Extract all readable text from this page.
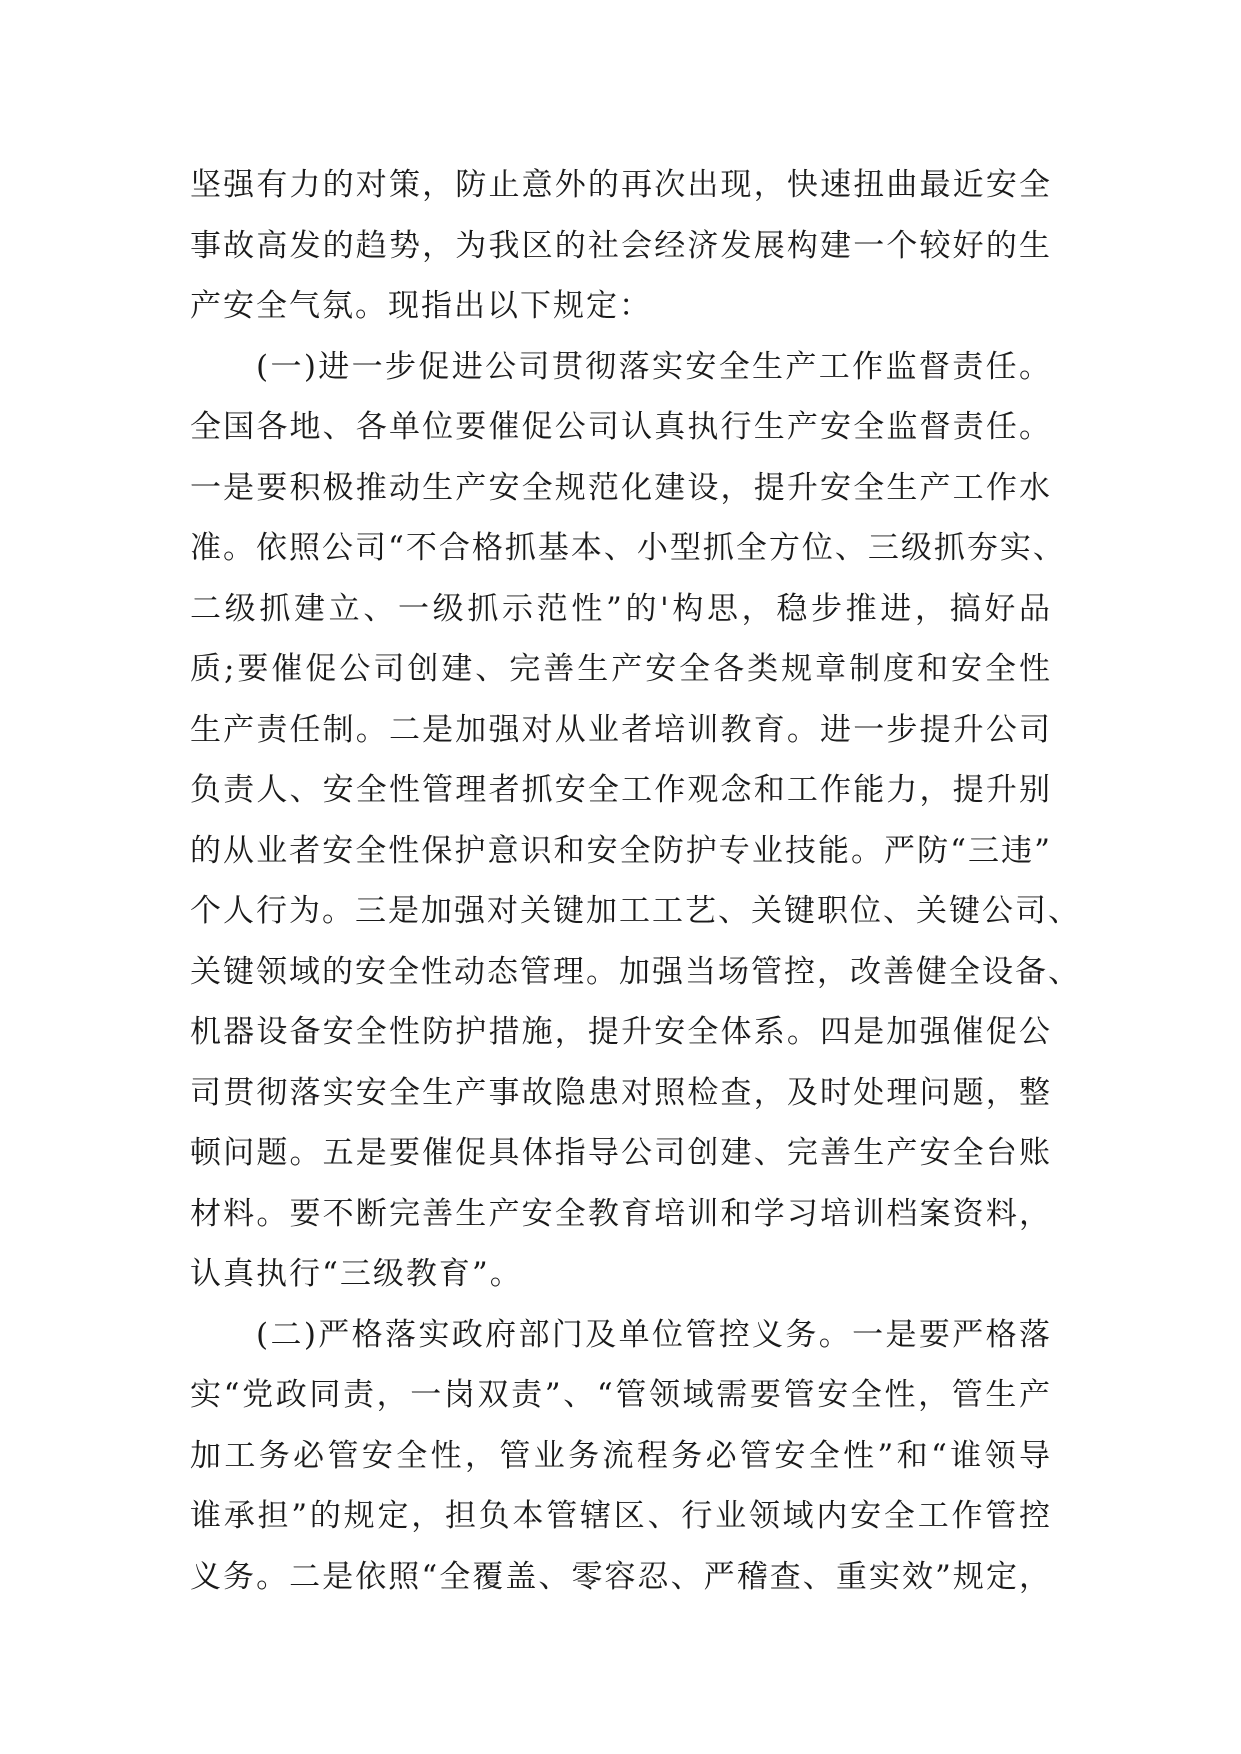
坚强有力的对策，防止意外的再次出现，快速扭曲最近安全
事故高发的趋势，为我区的社会经济发展构建一个较好的生
产安全气氛。现指出以下规定：
(一)进一步促进公司贯彻落实安全生产工作监督责任。
全国各地、各单位要催促公司认真执行生产安全监督责任。
一是要积极推动生产安全规范化建设，提升安全生产工作水
准。依照公司“不合格抓基本、小型抓全方位、三级抓夯实、
二级抓建立、一级抓示范性”的'构思，稳步推进，搞好品
质;要催促公司创建、完善生产安全各类规章制度和安全性
生产责任制。二是加强对从业者培训教育。进一步提升公司
负责人、安全性管理者抓安全工作观念和工作能力，提升别
的从业者安全性保护意识和安全防护专业技能。严防“三违”
个人行为。三是加强对关键加工工艺、关键职位、关键公司、
关键领域的安全性动态管理。加强当场管控，改善健全设备、
机器设备安全性防护措施，提升安全体系。四是加强催促公
司贯彻落实安全生产事故隐患对照检查，及时处理问题，整
顿问题。五是要催促具体指导公司创建、完善生产安全台账
材料。要不断完善生产安全教育培训和学习培训档案资料，
认真执行“三级教育”。
(二)严格落实政府部门及单位管控义务。一是要严格落
实“党政同责，一岗双责”、“管领域需要管安全性，管生产
加工务必管安全性，管业务流程务必管安全性”和“谁领导
谁承担”的规定，担负本管辖区、行业领域内安全工作管控
义务。二是依照“全覆盖、零容忍、严稽查、重实效”规定，
